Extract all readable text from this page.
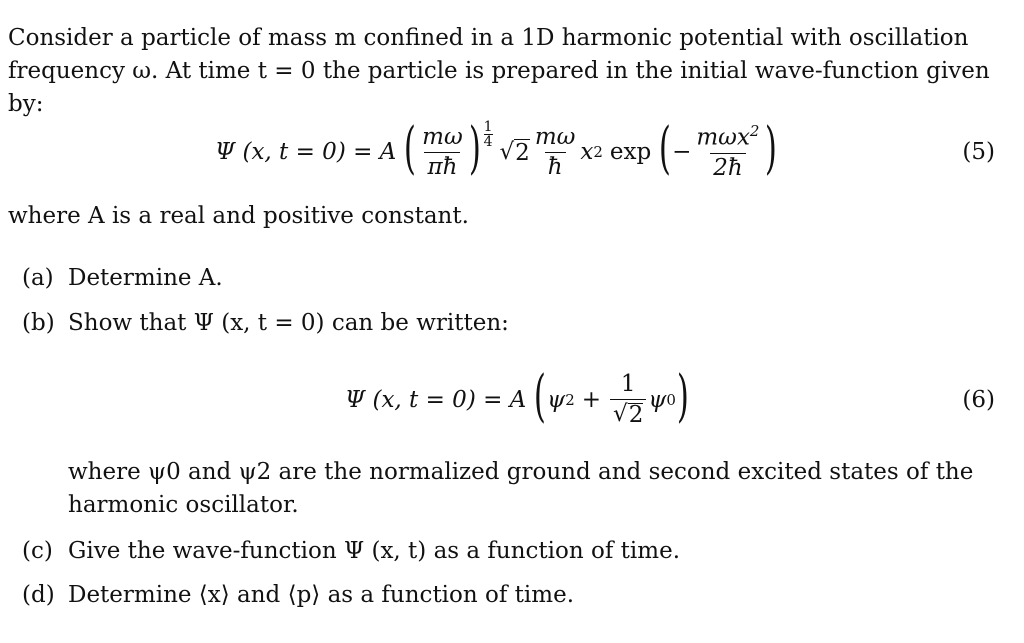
Consider a particle of mass m confined in a 1D harmonic potential with oscillation
frequency ω. At time t = 0 the particle is prepared in the initial wave-function given
by:
Ψ (x, t = 0) = A ( $\frac{m\omega}{\pi ħ}$ ) $\frac{1}{4}$
√ $2 \frac{m\omega}{ħ}$ x 2 exp ( − $\frac{m\omega x^2}{2ħ}$ )	(5)
where A is a real and positive constant.
(a) Determine A.
(b) Show that Ψ (x, t = 0) can be written:
Ψ (x, t = 0) = A ( ψ $2 + \frac{1}{√ 2}$ ψ 0 )	(6)
where ψ0 and ψ2 are the normalized ground and second excited states of the
harmonic oscillator.
(c) Give the wave-function Ψ (x, t) as a function of time.
(d) Determine ⟨x⟩ and ⟨p⟩ as a function of time.
